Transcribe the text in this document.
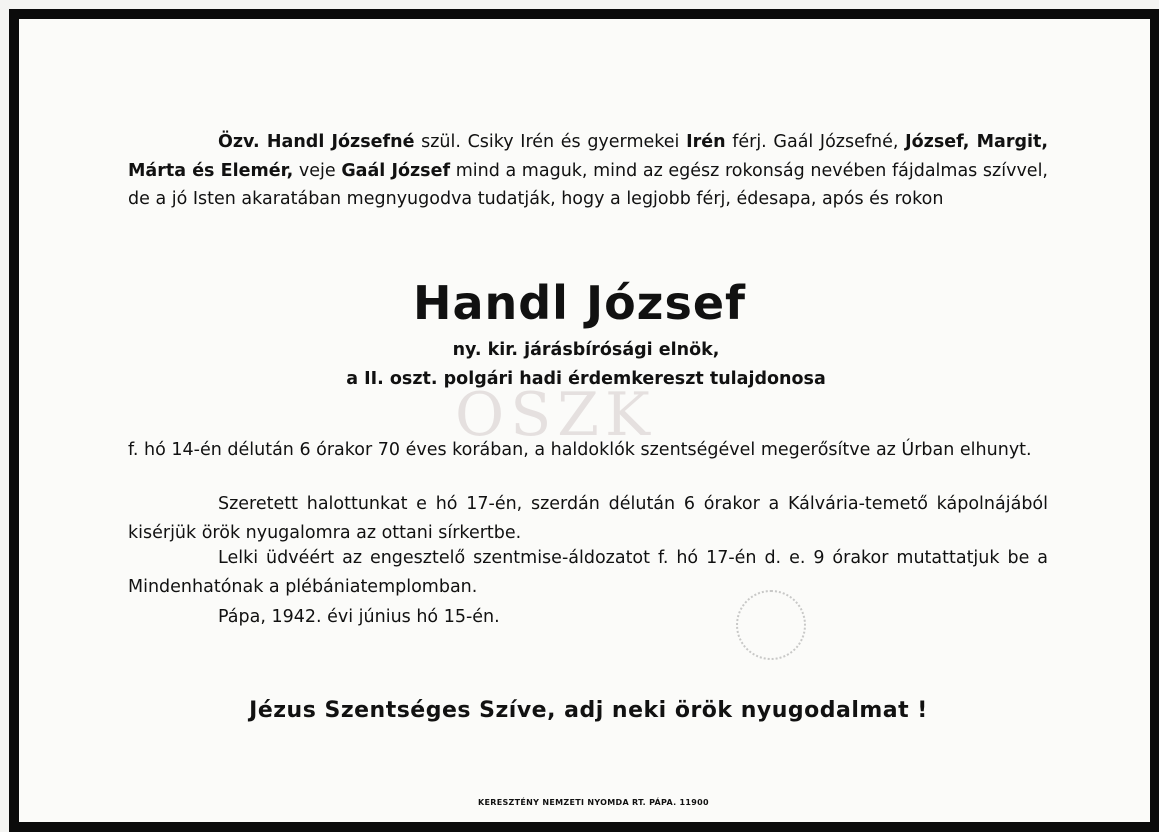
OSZK

Özv. Handl Józsefné szül. Csiky Irén és gyermekei Irén férj. Gaál Józsefné, József, Margit, Márta és Elemér, veje Gaál József mind a maguk, mind az egész rokonság nevében fájdalmas szívvel, de a jó Isten akaratában megnyugodva tudatják, hogy a legjobb férj, édesapa, após és rokon

Handl József

ny. kir. járásbírósági elnök,

a II. oszt. polgári hadi érdemkereszt tulajdonosa

f. hó 14-én délután 6 órakor 70 éves korában, a haldoklók szentségével megerősítve az Úrban elhunyt.

Szeretett halottunkat e hó 17-én, szerdán délután 6 órakor a Kálvária-temető kápolnájából kisérjük örök nyugalomra az ottani sírkertbe.

Lelki üdvéért az engesztelő szentmise-áldozatot f. hó 17-én d. e. 9 órakor mutattatjuk be a Mindenhatónak a plébániatemplomban.

Pápa, 1942. évi június hó 15-én.

Jézus Szentséges Szíve, adj neki örök nyugodalmat !

KERESZTÉNY NEMZETI NYOMDA RT. PÁPA. 11900
